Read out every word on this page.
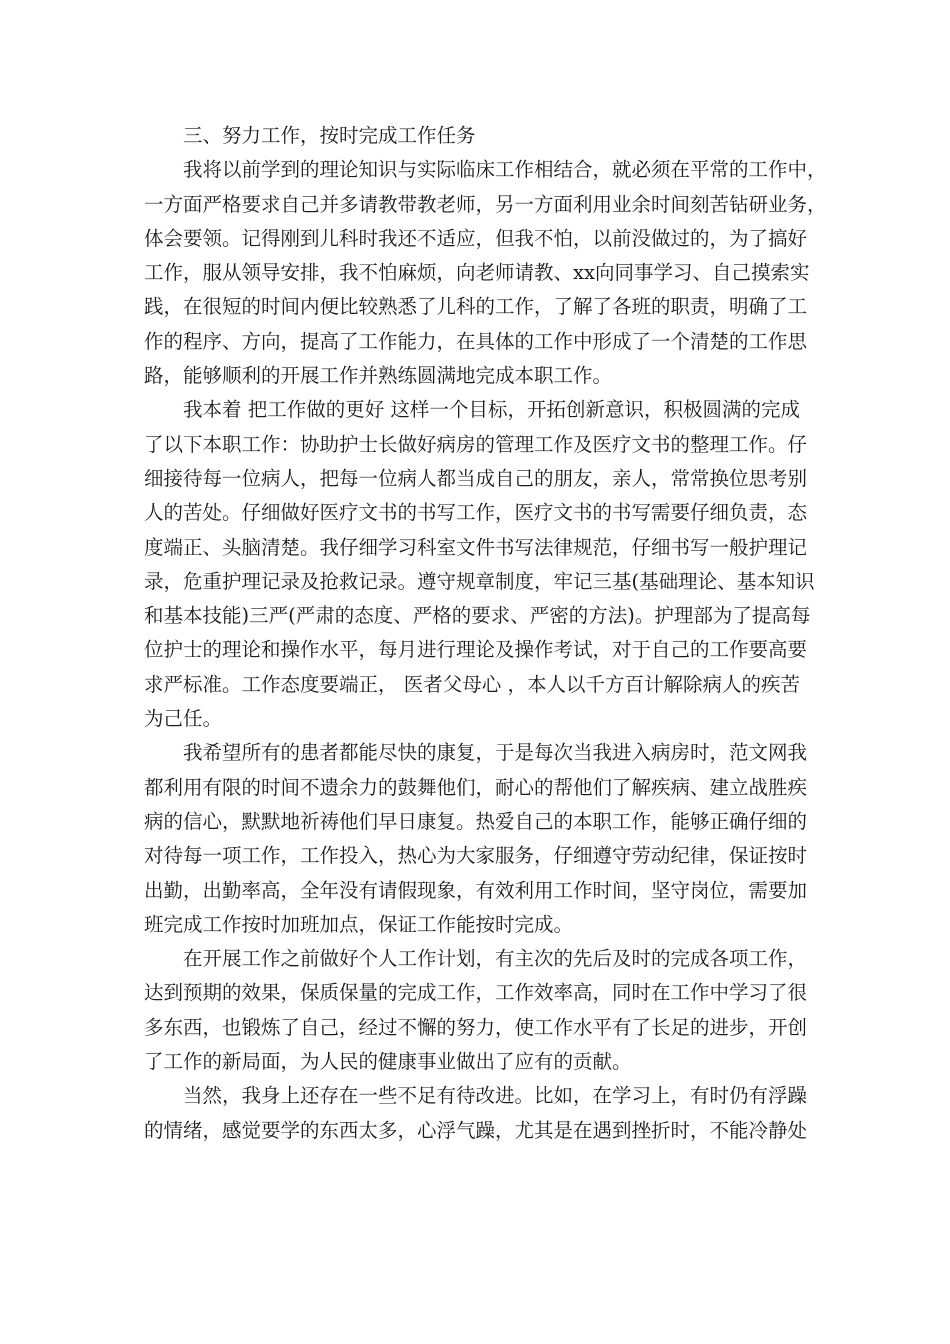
三、努力工作，按时完成工作任务
我将以前学到的理论知识与实际临床工作相结合，就必须在平常的工作中，
一方面严格要求自己并多请教带教老师，另一方面利用业余时间刻苦钻研业务，
体会要领。记得刚到儿科时我还不适应，但我不怕，以前没做过的，为了搞好
工作，服从领导安排，我不怕麻烦，向老师请教、xx向同事学习、自己摸索实
践，在很短的时间内便比较熟悉了儿科的工作，了解了各班的职责，明确了工
作的程序、方向，提高了工作能力，在具体的工作中形成了一个清楚的工作思
路，能够顺利的开展工作并熟练圆满地完成本职工作。
我本着 把工作做的更好 这样一个目标，开拓创新意识，积极圆满的完成
了以下本职工作：协助护士长做好病房的管理工作及医疗文书的整理工作。仔
细接待每一位病人，把每一位病人都当成自己的朋友，亲人，常常换位思考别
人的苦处。仔细做好医疗文书的书写工作，医疗文书的书写需要仔细负责，态
度端正、头脑清楚。我仔细学习科室文件书写法律规范，仔细书写一般护理记
录，危重护理记录及抢救记录。遵守规章制度，牢记三基(基础理论、基本知识
和基本技能)三严(严肃的态度、严格的要求、严密的方法)。护理部为了提高每
位护士的理论和操作水平，每月进行理论及操作考试，对于自己的工作要高要
求严标准。工作态度要端正， 医者父母心 ，本人以千方百计解除病人的疾苦
为己任。
我希望所有的患者都能尽快的康复，于是每次当我进入病房时，范文网我
都利用有限的时间不遗余力的鼓舞他们，耐心的帮他们了解疾病、建立战胜疾
病的信心，默默地祈祷他们早日康复。热爱自己的本职工作，能够正确仔细的
对待每一项工作，工作投入，热心为大家服务，仔细遵守劳动纪律，保证按时
出勤，出勤率高，全年没有请假现象，有效利用工作时间，坚守岗位，需要加
班完成工作按时加班加点，保证工作能按时完成。
在开展工作之前做好个人工作计划，有主次的先后及时的完成各项工作，
达到预期的效果，保质保量的完成工作，工作效率高，同时在工作中学习了很
多东西，也锻炼了自己，经过不懈的努力，使工作水平有了长足的进步，开创
了工作的新局面，为人民的健康事业做出了应有的贡献。
当然，我身上还存在一些不足有待改进。比如，在学习上，有时仍有浮躁
的情绪，感觉要学的东西太多，心浮气躁，尤其是在遇到挫折时，不能冷静处
